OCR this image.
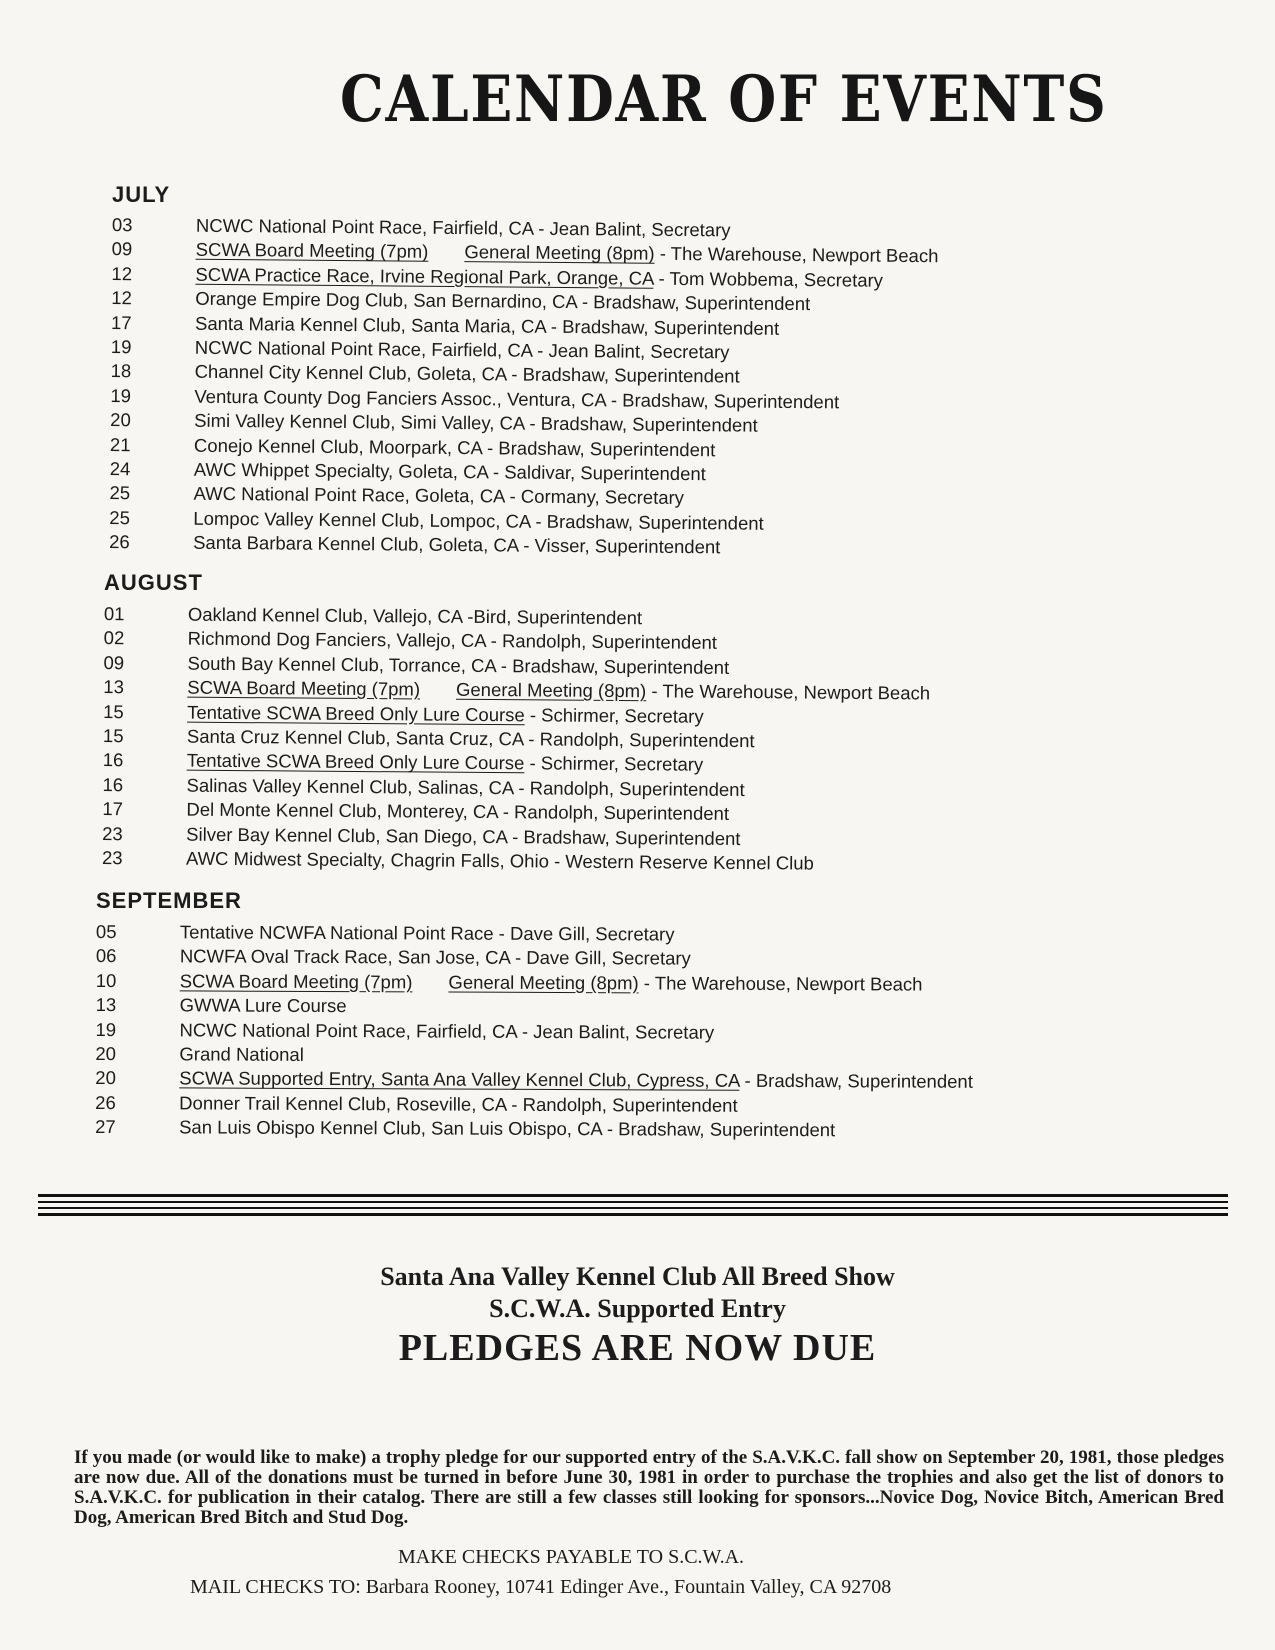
CALENDAR OF EVENTS
JULY
03	NCWC National Point Race, Fairfield, CA - Jean Balint, Secretary
09	SCWA Board Meeting (7pm) General Meeting (8pm) - The Warehouse, Newport Beach
12	SCWA Practice Race, Irvine Regional Park, Orange, CA - Tom Wobbema, Secretary
12	Orange Empire Dog Club, San Bernardino, CA - Bradshaw, Superintendent
17	Santa Maria Kennel Club, Santa Maria, CA - Bradshaw, Superintendent
19	NCWC National Point Race, Fairfield, CA - Jean Balint, Secretary
18	Channel City Kennel Club, Goleta, CA - Bradshaw, Superintendent
19	Ventura County Dog Fanciers Assoc., Ventura, CA - Bradshaw, Superintendent
20	Simi Valley Kennel Club, Simi Valley, CA - Bradshaw, Superintendent
21	Conejo Kennel Club, Moorpark, CA - Bradshaw, Superintendent
24	AWC Whippet Specialty, Goleta, CA - Saldivar, Superintendent
25	AWC National Point Race, Goleta, CA - Cormany, Secretary
25	Lompoc Valley Kennel Club, Lompoc, CA - Bradshaw, Superintendent
26	Santa Barbara Kennel Club, Goleta, CA - Visser, Superintendent
AUGUST
01	Oakland Kennel Club, Vallejo, CA -Bird, Superintendent
02	Richmond Dog Fanciers, Vallejo, CA - Randolph, Superintendent
09	South Bay Kennel Club, Torrance, CA - Bradshaw, Superintendent
13	SCWA Board Meeting (7pm) General Meeting (8pm) - The Warehouse, Newport Beach
15	Tentative SCWA Breed Only Lure Course - Schirmer, Secretary
15	Santa Cruz Kennel Club, Santa Cruz, CA - Randolph, Superintendent
16	Tentative SCWA Breed Only Lure Course - Schirmer, Secretary
16	Salinas Valley Kennel Club, Salinas, CA - Randolph, Superintendent
17	Del Monte Kennel Club, Monterey, CA - Randolph, Superintendent
23	Silver Bay Kennel Club, San Diego, CA - Bradshaw, Superintendent
23	AWC Midwest Specialty, Chagrin Falls, Ohio - Western Reserve Kennel Club
SEPTEMBER
05	Tentative NCWFA National Point Race - Dave Gill, Secretary
06	NCWFA Oval Track Race, San Jose, CA - Dave Gill, Secretary
10	SCWA Board Meeting (7pm) General Meeting (8pm) - The Warehouse, Newport Beach
13	GWWA Lure Course
19	NCWC National Point Race, Fairfield, CA - Jean Balint, Secretary
20	Grand National
20	SCWA Supported Entry, Santa Ana Valley Kennel Club, Cypress, CA - Bradshaw, Superintendent
26	Donner Trail Kennel Club, Roseville, CA - Randolph, Superintendent
27	San Luis Obispo Kennel Club, San Luis Obispo, CA - Bradshaw, Superintendent
Santa Ana Valley Kennel Club All Breed Show
S.C.W.A. Supported Entry
PLEDGES ARE NOW DUE
If you made (or would like to make) a trophy pledge for our supported entry of the S.A.V.K.C. fall show on September 20, 1981, those pledges are now due. All of the donations must be turned in before June 30, 1981 in order to purchase the trophies and also get the list of donors to S.A.V.K.C. for publication in their catalog. There are still a few classes still looking for sponsors...Novice Dog, Novice Bitch, American Bred Dog, American Bred Bitch and Stud Dog.
MAKE CHECKS PAYABLE TO S.C.W.A.
MAIL CHECKS TO: Barbara Rooney, 10741 Edinger Ave., Fountain Valley, CA 92708
